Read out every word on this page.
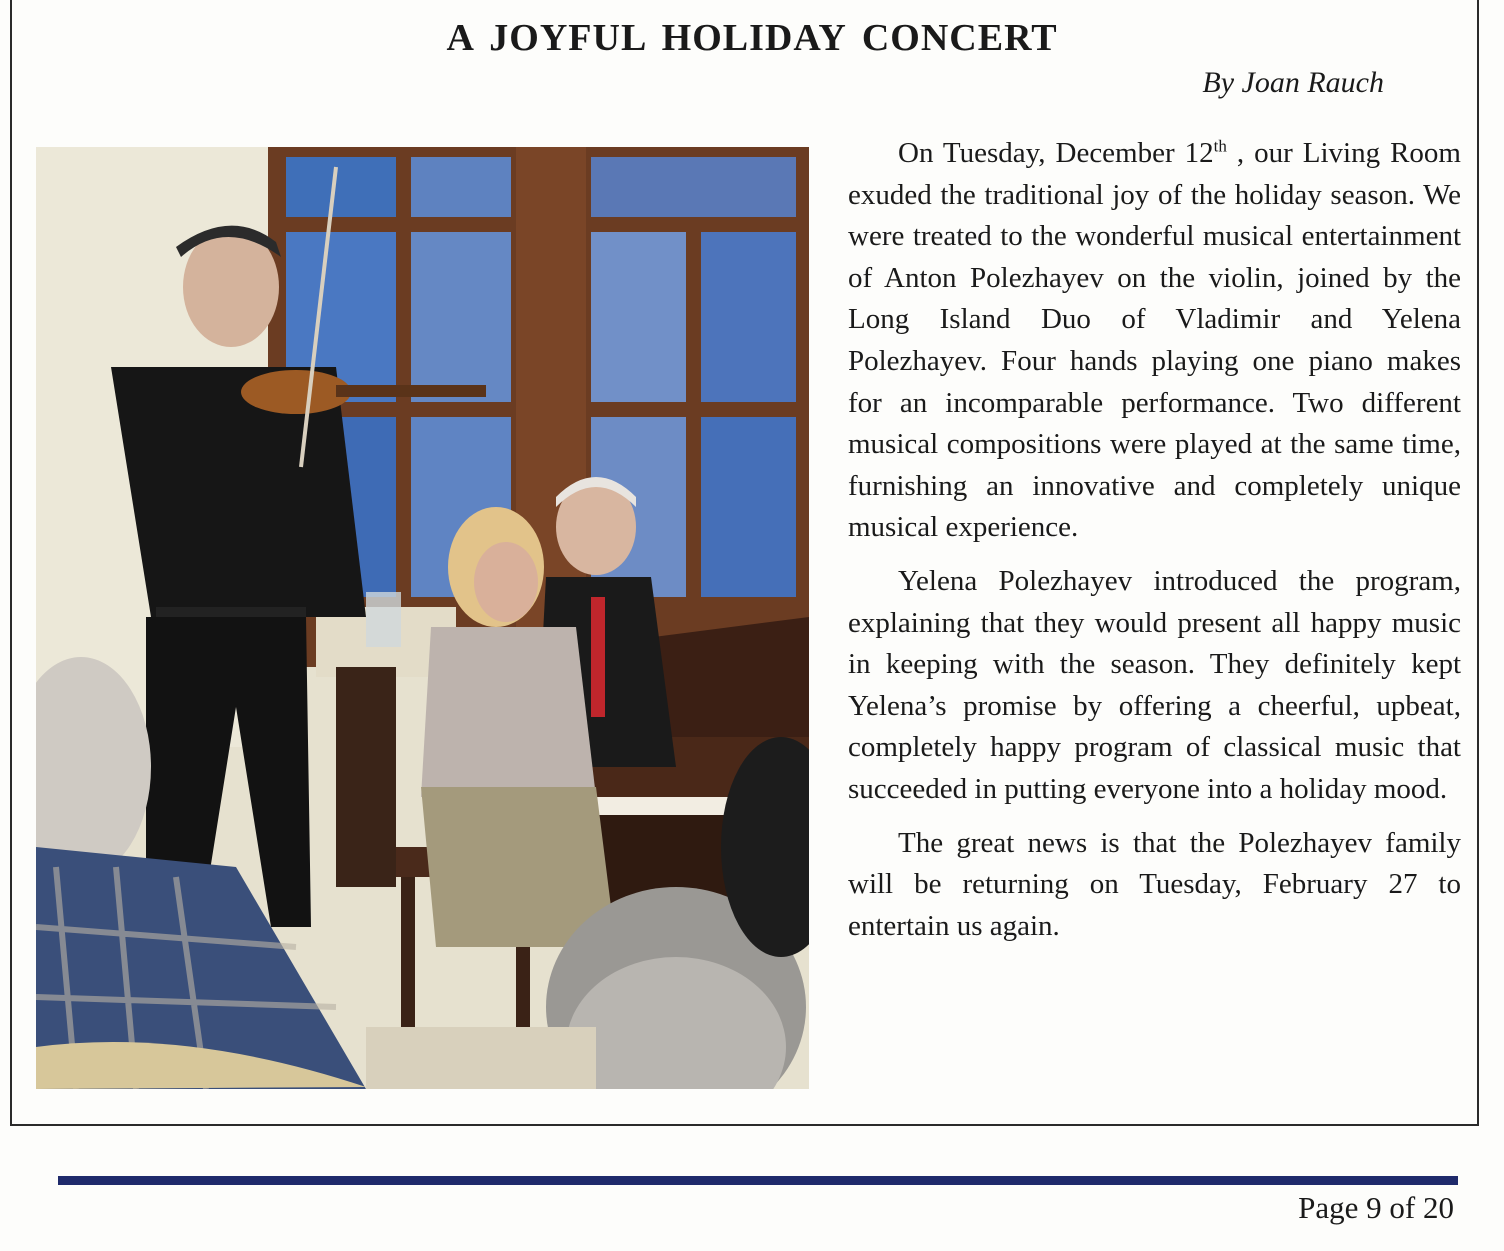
A JOYFUL HOLIDAY CONCERT

By Joan Rauch

On Tuesday, December 12th , our Living Room exuded the traditional joy of the holiday season. We were treated to the wonderful musical entertainment of Anton Polezhayev on the violin, joined by the Long Island Duo of Vladimir and Yelena Polezhayev. Four hands playing one piano makes for an incomparable performance. Two different musical compositions were played at the same time, furnishing an innovative and completely unique musical experience.

Yelena Polezhayev introduced the program, explaining that they would present all happy music in keeping with the season. They definitely kept Yelena’s promise by offering a cheerful, upbeat, completely happy program of classical music that succeeded in putting everyone into a holiday mood.

The great news is that the Polezhayev family will be returning on Tuesday, February 27 to entertain us again.

Page 9 of 20
